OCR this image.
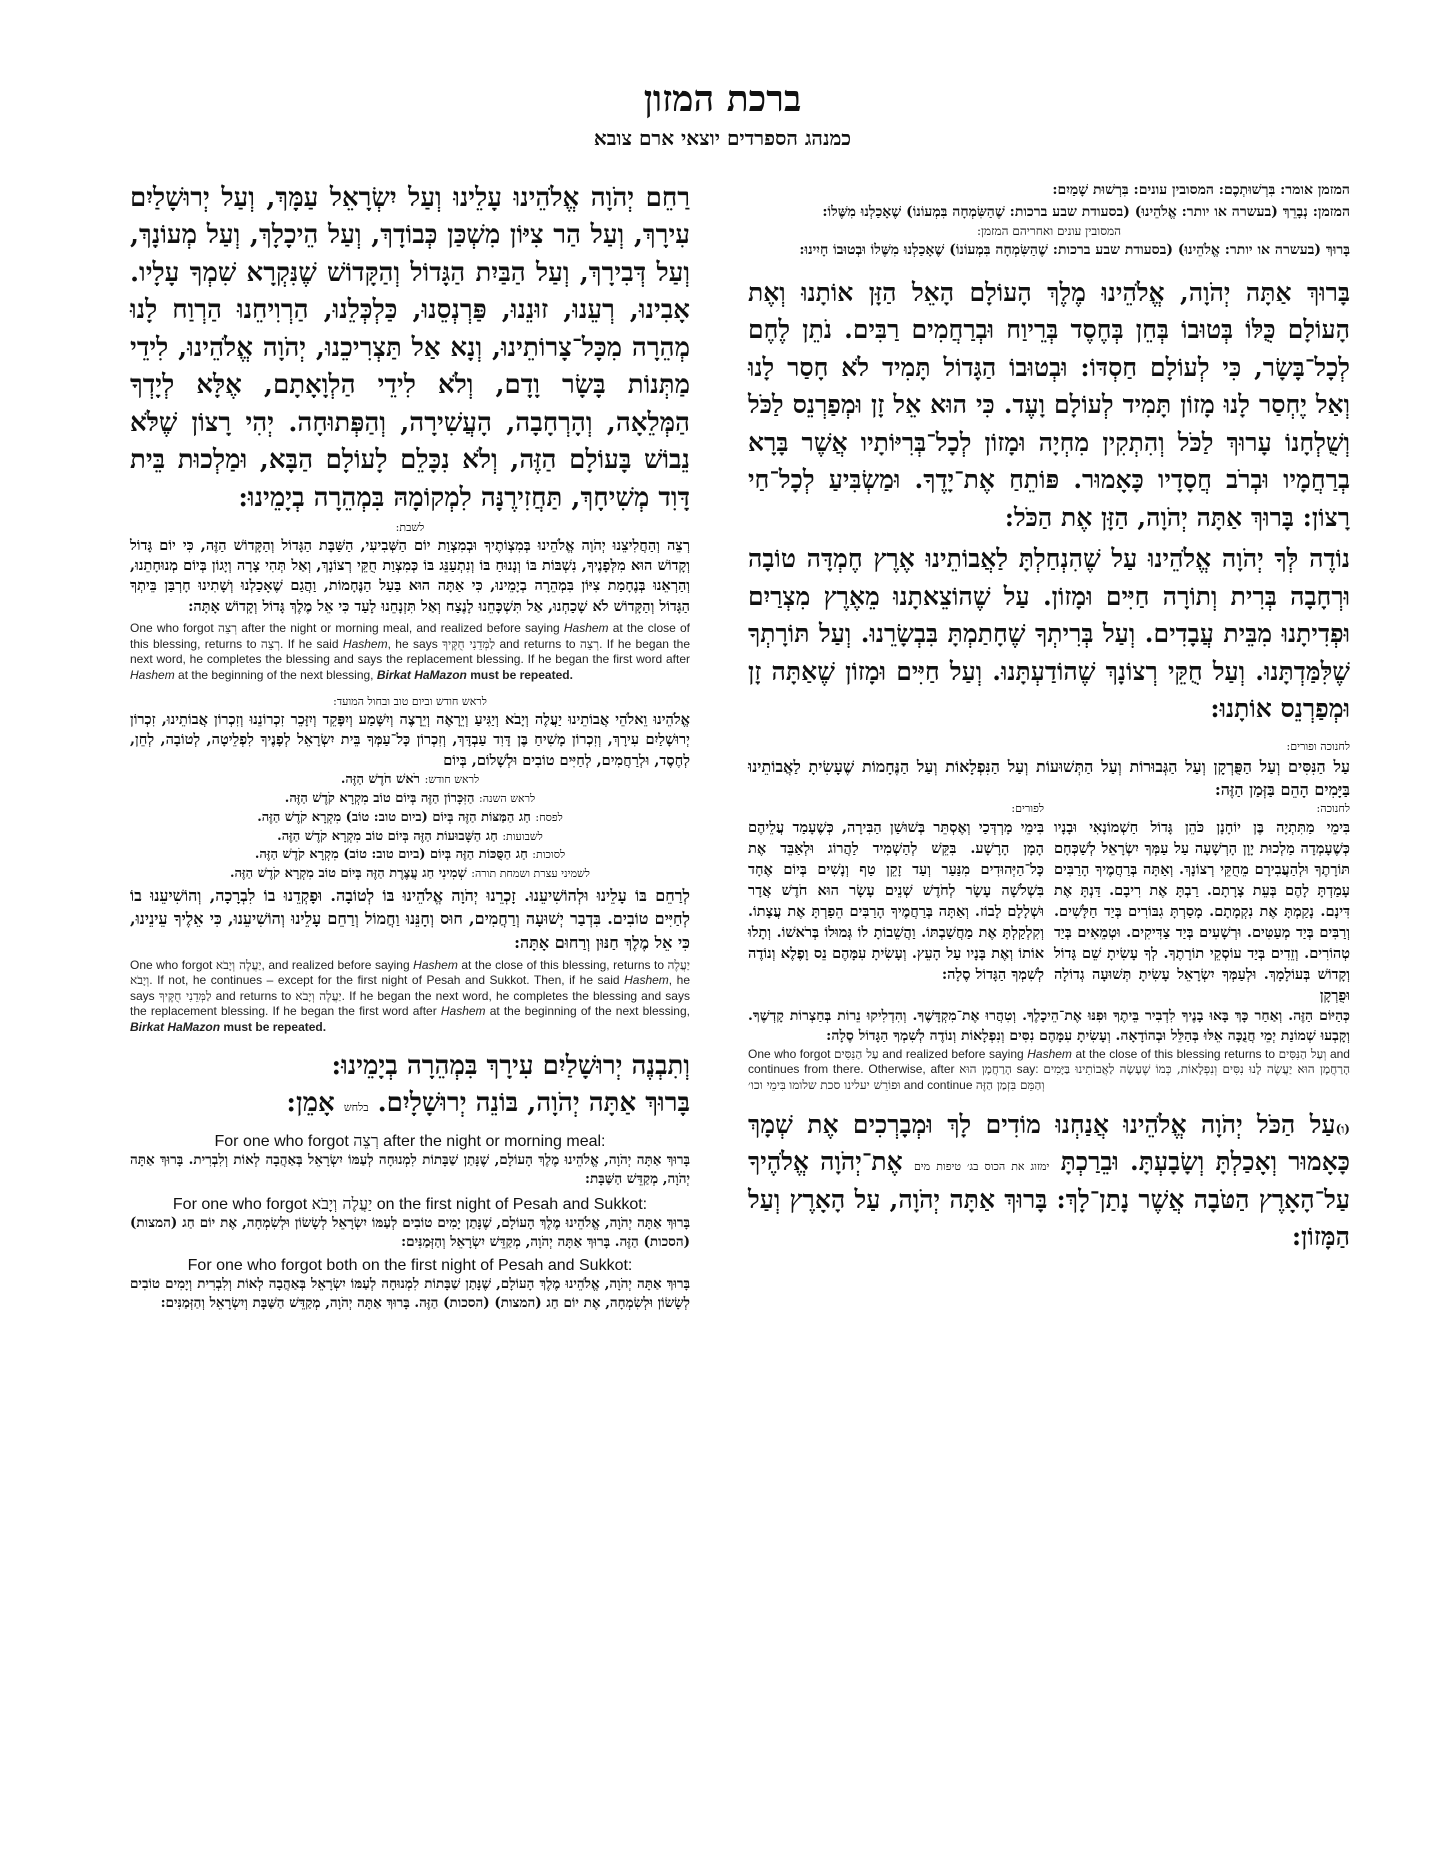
ברכת המזון
כמנהג הספרדים יוצאי ארם צובא
המזמן אומר: בִּרְשׁוּתְכֶם: המסובין עונים: בִּרְשׁוּת שָׁמַיִם:
המזמן: נְבָרֵךְ (בעשרה או יותר: אֱלֹהֵינוּ) (בסעודת שבע ברכות: שֶׁהַשִּׂמְחָה בִּמְעוֹנוֹ) שֶׁאָכַלְנוּ מִשֶּׁלוֹ:
המסובין עונים ואחריהם המזמן:
בָּרוּךְ (בעשרה או יותר: אֱלֹהֵינוּ) (בסעודת שבע ברכות: שֶׁהַשִּׂמְחָה בִּמְעוֹנוֹ) שֶׁאָכַלְנוּ מִשֶּׁלוֹ וּבְטוּבוֹ חָיִינוּ:
בָּרוּךְ אַתָּה יְהֹוָה, אֱלֹהֵינוּ מֶלֶךְ הָעוֹלָם הָאֵל הַזָּן אוֹתָנוּ וְאֶת הָעוֹלָם כֻּלּוֹ בְּטוּבוֹ בְּחֵן בְּחֶסֶד בְּרֵיוַח וּבְרַחֲמִים רַבִּים. נֹתֵן לֶחֶם לְכָל־בָּשָׂר, כִּי לְעוֹלָם חַסְדּוֹ: וּבְטוּבוֹ הַגָּדוֹל תָּמִיד לֹא חָסַר לָנוּ וְאַל יֶחְסַר לָנוּ מָזוֹן תָּמִיד לְעוֹלָם וָעֶד. כִּי הוּא אֵל זָן וּמְפַרְנֵס לַכֹּל וְשֻׁלְחָנוֹ עָרוּךְ לַכֹּל וְהִתְקִין מִחְיָה וּמָזוֹן לְכָל־בְּרִיּוֹתָיו אֲשֶׁר בָּרָא בְרַחֲמָיו וּבְרֹב חֲסָדָיו כָּאָמוּר. פּוֹתֵחַ אֶת־יָדֶךָ. וּמַשְׂבִּיעַ לְכָל־חַי רָצוֹן: בָּרוּךְ אַתָּה יְהֹוָה, הַזָּן אֶת הַכֹּל:
נוֹדֶה לְּךָ יְהֹוָה אֱלֹהֵינוּ עַל שֶׁהִנְחַלְתָּ לַאֲבוֹתֵינוּ אֶרֶץ חֶמְדָּה טוֹבָה וּרְחָבָה בְּרִית וְתוֹרָה חַיִּים וּמָזוֹן. עַל שֶׁהוֹצֵאתָנוּ מֵאֶרֶץ מִצְרַיִם וּפְדִיתָנוּ מִבֵּית עֲבָדִים. וְעַל בְּרִיתְךָ שֶׁחָתַמְתָּ בִּבְשָׂרֵנוּ. וְעַל תּוֹרָתְךָ שֶׁלִּמַּדְתָּנוּ. וְעַל חֻקֵּי רְצוֹנָךְ שֶׁהוֹדַעְתָּנוּ. וְעַל חַיִּים וּמָזוֹן שֶׁאַתָּה זָן וּמְפַרְנֵס אוֹתָנוּ:
לחנוכה ופורים:
עַל הַנִּסִּים וְעַל הַפֻּרְקָן וְעַל הַגְּבוּרוֹת וְעַל הַתְּשׁוּעוֹת וְעַל הַנִּפְלָאוֹת וְעַל הַנֶּחָמוֹת שֶׁעָשִׂיתָ לַאֲבוֹתֵינוּ בַּיָּמִים הָהֵם בַּזְּמַן הַזֶּה:
לחנוכה:
בִּימֵי מַתִּתְיָה בֶּן יוֹחָנָן כֹּהֵן גָּדוֹל חַשְׁמוֹנָאִי וּבָנָיו כְּשֶׁעָמְדָה מַלְכוּת יָוָן הָרְשָׁעָה עַל עַמְּךָ יִשְׂרָאֵל לְשַׁכְּחָם תּוֹרָתֶךָ וּלְהַעֲבִירָם מֵחֻקֵּי רְצוֹנָךְ. וְאַתָּה בְּרַחֲמֶיךָ הָרַבִּים עָמַדְתָּ לָהֶם בְּעֵת צָרָתָם. רַבְתָּ אֶת רִיבָם. דַּנְתָּ אֶת דִּינָם. נָקַמְתָּ אֶת נִקְמָתָם. מָסַרְתָּ גִבּוֹרִים בְּיַד חַלָּשִׁים. וְרַבִּים בְּיַד מְעַטִּים. וּרְשָׁעִים בְּיַד צַדִּיקִים. וּטְמֵאִים בְּיַד טְהוֹרִים. וְזֵדִים בְּיַד עוֹסְקֵי תוֹרָתֶךָ. לְךָ עָשִׂיתָ שֵׁם גָּדוֹל וְקָדוֹשׁ בְּעוֹלָמָךְ. וּלְעַמְּךָ יִשְׂרָאֵל עָשִׂיתָ תְּשׁוּעָה גְדוֹלָה וּפֻרְקָן
לפורים:
בִּימֵי מָרְדְּכַי וְאֶסְתֵּר בְּשׁוּשַׁן הַבִּירָה, כְּשֶׁעָמַד עֲלֵיהֶם הָמָן הָרָשָׁע. בִּקֵּשׁ לְהַשְׁמִיד לַהֲרוֹג וּלְאַבֵּד אֶת כָּל־הַיְּהוּדִים מִנַּעַר וְעַד זָקֵן טַף וְנָשִׁים בְּיוֹם אֶחָד בִּשְׁלֹשָׁה עָשָׂר לְחֹדֶשׁ שְׁנֵים עָשָׂר הוּא חֹדֶשׁ אֲדָר וּשְׁלָלָם לָבוֹז. וְאַתָּה בְּרַחֲמֶיךָ הָרַבִּים הֵפַרְתָּ אֶת עֲצָתוֹ. וְקִלְקַלְתָּ אֶת מַחֲשַׁבְתּוֹ. וַהֲשֵׁבוֹתָ לוֹ גְּמוּלוֹ בְּרֹאשׁוֹ. וְתָלוּ אוֹתוֹ וְאֶת בָּנָיו עַל הָעֵץ. וְעָשִׂיתָ עִמָּהֶם נֵס וָפֶלֶא וְנוֹדֶה לְשִׁמְךָ הַגָּדוֹל סֶלָה:
כְּהַיּוֹם הַזֶּה. וְאַחַר כָּךְ בָּאוּ בָנֶיךָ לִדְבִיר בֵּיתֶךָ וּפִנּוּ אֶת־הֵיכָלֶךָ. וְטִהֲרוּ אֶת־מִקְדָּשֶׁךָ. וְהִדְלִיקוּ נֵרוֹת בְּחַצְרוֹת קָדְשֶׁךָ. וְקָבְעוּ שְׁמוֹנַת יְמֵי חֲנֻכָּה אֵלּוּ בְּהַלֵּל וּבְהוֹדָאָה. וְעָשִׂיתָ עִמָּהֶם נִסִּים וְנִפְלָאוֹת וְנוֹדֶה לְשִׁמְךָ הַגָּדוֹל סֶלָה:
One who forgot עַל הַנִּסִּים and realized before saying Hashem at the close of this blessing returns to וְעַל הַנִּסִּים and continues from there. Otherwise, after הָרַחֲמָן הוּא say: הָרַחֲמָן הוּא יַעֲשֶׂה לָנוּ נִסִּים וְנִפְלָאוֹת, כְּמוֹ שֶׁעָשָׂה לַאֲבוֹתֵינוּ בַּיָּמִים וּפוֹרֵשׁ יעלינו סכת שלומו בִּימֵי וכו׳	and continue וְהַמֵּם בִּזְמַן הַזֶּה
(ו)עַל הַכֹּל יְהֹוָה אֱלֹהֵינוּ אֲנַחְנוּ מוֹדִים לָךְ וּמְבָרְכִים אֶת שְׁמָךְ כָּאָמוּר וְאָכַלְתָּ וְשָׂבָעְתָּ. וּבֵרַכְתָּ ימזוג את הכוס בג׳ טיפות מים אֶת־יְהֹוָה אֱלֹהֶיךָ עַל־הָאָרֶץ הַטֹּבָה אֲשֶׁר נָתַן־לָךְ: בָּרוּךְ אַתָּה יְהֹוָה, עַל הָאָרֶץ וְעַל הַמָּזוֹן:
רַחֵם יְהֹוָה אֱלֹהֵינוּ עָלֵינוּ וְעַל יִשְׂרָאֵל עַמָּךְ, וְעַל יְרוּשָׁלַיִם עִירָךְ, וְעַל הַר צִיּוֹן מִשְׁכַּן כְּבוֹדָךְ, וְעַל הֵיכָלָךְ, וְעַל מְעוֹנָךְ, וְעַל דְּבִירָךְ, וְעַל הַבַּיִת הַגָּדוֹל וְהַקָּדוֹשׁ שֶׁנִּקְרָא שִׁמְךָ עָלָיו. אָבִינוּ, רְעֵנוּ, זוּנֵנוּ, פַּרְנְסֵנוּ, כַּלְכְּלֵנוּ, הַרְוִיחֵנוּ הַרְוַח לָנוּ מְהֵרָה מִכָּל־צָרוֹתֵינוּ, וְנָא אַל תַּצְרִיכֵנוּ, יְהֹוָה אֱלֹהֵינוּ, לִידֵי מַתְּנוֹת בָּשָׂר וָדָם, וְלֹא לִידֵי הַלְוָאָתָם, אֶלָּא לְיָדְךָ הַמְּלֵאָה, וְהָרְחָבָה, הָעֲשִׁירָה, וְהַפְּתוּחָה. יְהִי רָצוֹן שֶׁלֹּא נֵבוֹשׁ בָּעוֹלָם הַזֶּה, וְלֹא נִכָּלֵם לָעוֹלָם הַבָּא, וּמַלְכוּת בֵּית דָּוִד מְשִׁיחָךְ, תַּחֲזִירֶנָּה לִמְקוֹמָהּ בִּמְהֵרָה בְיָמֵינוּ:
לשבת:
רְצֵה וְהַחֲלִיצֵנוּ יְהֹוָה אֱלֹהֵינוּ בְּמִצְוֹתֶיךָ וּבְמִצְוַת יוֹם הַשְּׁבִיעִי, הַשַּׁבָּת הַגָּדוֹל וְהַקָּדוֹשׁ הַזֶּה, כִּי יוֹם גָּדוֹל וְקָדוֹשׁ הוּא מִלְּפָנֶיךָ, נִשְׁבּוֹת בּוֹ וְנָנוּחַ בּוֹ וְנִתְעַנֵּג בּוֹ כְּמִצְוַת חֻקֵּי רְצוֹנָךְ, וְאַל תְּהִי צָרָה וְיָגוֹן בְּיוֹם מְנוּחָתֵנוּ, וְהַרְאֵנוּ בְּנֶחָמַת צִיּוֹן בִּמְהֵרָה בְיָמֵינוּ, כִּי אַתָּה הוּא בַּעַל הַנֶּחָמוֹת, וַהֲגַם שֶׁאָכַלְנוּ וְשָׁתִינוּ חָרְבַּן בֵּיתְךָ הַגָּדוֹל וְהַקָּדוֹשׁ לֹא שָׁכַחְנוּ, אַל תִּשְׁכָּחֵנוּ לָנֶצַח וְאַל תִּזְנָחֵנוּ לָעַד כִּי אֵל מֶלֶךְ גָּדוֹל וְקָדוֹשׁ אָתָּה:
One who forgot רְצֵה after the night or morning meal, and realized before saying Hashem at the close of this blessing, returns to רְצֵה. If he said Hashem, he says לַמְּדֵנִי חֻקֶּיךָ and returns to רְצֵה. If he began the next word, he completes the blessing and says the replacement blessing. If he began the first word after Hashem at the beginning of the next blessing, Birkat HaMazon must be repeated.
לראש חודש וביום טוב ובחול המועד:
אֱלֹהֵינוּ וֵאלֹהֵי אֲבוֹתֵינוּ יַעֲלֶה וְיָבֹא וְיַגִּיעַ וְיֵרָאֶה וְיֵרָצֶה וְיִשָּׁמַע וְיִפָּקֵד וְיִזָּכֵר זִכְרוֹנֵנוּ וְזִכְרוֹן אֲבוֹתֵינוּ, זִכְרוֹן יְרוּשָׁלַיִם עִירָךְ, וְזִכְרוֹן מָשִׁיחַ בֶּן דָּוִד עַבְדָּךְ, וְזִכְרוֹן כָּל־עַמְּךָ בֵּית יִשְׂרָאֵל לְפָנֶיךָ לִפְלֵיטָה, לְטוֹבָה, לְחֵן, לְחֶסֶד, וּלְרַחֲמִים, לְחַיִּים טוֹבִים וּלְשָׁלוֹם, בְּיוֹם
לראש חודש: רֹאשׁ חֹדֶשׁ הַזֶּה.
לראש השנה: הַזִּכָּרוֹן הַזֶּה בְּיוֹם טוֹב מִקְרָא קֹדֶשׁ הַזֶּה.
לפסח: חַג הַמַּצּוֹת הַזֶּה בְּיוֹם (ביום טוב: טוֹב) מִקְרָא קֹדֶשׁ הַזֶּה.
לשבועות: חַג הַשָּׁבוּעוֹת הַזֶּה בְּיוֹם טוֹב מִקְרָא קֹדֶשׁ הַזֶּה.
לסוכות: חַג הַסֻּכּוֹת הַזֶּה בְּיוֹם (ביום טוב: טוֹב) מִקְרָא קֹדֶשׁ הַזֶּה.
לשמיני עצרת ושמחת תורה: שְׁמִינִי חַג עֲצֶרֶת הַזֶּה בְּיוֹם טוֹב מִקְרָא קֹדֶשׁ הַזֶּה.
לְרַחֵם בּוֹ עָלֵינוּ וּלְהוֹשִׁיעֵנוּ. זָכְרֵנוּ יְהֹוָה אֱלֹהֵינוּ בּוֹ לְטוֹבָה. וּפָקְדֵנוּ בוֹ לִבְרָכָה, וְהוֹשִׁיעֵנוּ בוֹ לְחַיִּים טוֹבִים. בִּדְבַר יְשׁוּעָה וְרַחֲמִים, חוּס וְחָנֵּנוּ וַחֲמוֹל וְרַחֵם עָלֵינוּ וְהוֹשִׁיעֵנוּ, כִּי אֵלֶיךָ עֵינֵינוּ, כִּי אֵל מֶלֶךְ חַנּוּן וְרַחוּם אָתָּה:
One who forgot יַעֲלֶה וְיָבֹא, and realized before saying Hashem at the close of this blessing, returns to יַעֲלֶה וְיָבֹא. If not, he continues – except for the first night of Pesah and Sukkot. Then, if he said Hashem, he says לַמְּדֵנִי חֻקֶּיךָ and returns to יַעֲלֶה וְיָבֹא. If he began the next word, he completes the blessing and says the replacement blessing. If he began the first word after Hashem at the beginning of the next blessing, Birkat HaMazon must be repeated.
וְתִבְנֶה יְרוּשָׁלַיִם עִירָךְ בִּמְהֵרָה בְיָמֵינוּ:
בָּרוּךְ אַתָּה יְהֹוָה, בּוֹנֵה יְרוּשָׁלָיִם. בלחש אָמֵן:
For one who forgot רְצֵה after the night or morning meal:
בָּרוּךְ אַתָּה יְהֹוָה, אֱלֹהֵינוּ מֶלֶךְ הָעוֹלָם, שֶׁנָּתַן שַׁבָּתוֹת לִמְנוּחָה לְעַמּוֹ יִשְׂרָאֵל בְּאַהֲבָה לְאוֹת וְלִבְרִית. בָּרוּךְ אַתָּה יְהֹוָה, מְקַדֵּשׁ הַשַּׁבָּת:
For one who forgot יַעֲלֶה וְיָבֹא on the first night of Pesah and Sukkot:
בָּרוּךְ אַתָּה יְהֹוָה, אֱלֹהֵינוּ מֶלֶךְ הָעוֹלָם, שֶׁנָּתַן יָמִים טוֹבִים לְעַמּוֹ יִשְׂרָאֵל לְשָׂשׂוֹן וּלְשִׂמְחָה, אֶת יוֹם חַג (המצות) (הסכות) הַזֶּה. בָּרוּךְ אַתָּה יְהֹוָה, מְקַדֵּשׁ יִשְׂרָאֵל וְהַזְּמַנִּים:
For one who forgot both on the first night of Pesah and Sukkot:
בָּרוּךְ אַתָּה יְהֹוָה, אֱלֹהֵינוּ מֶלֶךְ הָעוֹלָם, שֶׁנָּתַן שַׁבָּתוֹת לִמְנוּחָה לְעַמּוֹ יִשְׂרָאֵל בְּאַהֲבָה לְאוֹת וְלִבְרִית וְיָמִים טוֹבִים לְשָׂשׂוֹן וּלְשִׂמְחָה, אֶת יוֹם חַג (המצות) (הסכות) הַזֶּה. בָּרוּךְ אַתָּה יְהֹוָה, מְקַדֵּשׁ הַשַּׁבָּת וְיִשְׂרָאֵל וְהַזְּמַנִּים:
